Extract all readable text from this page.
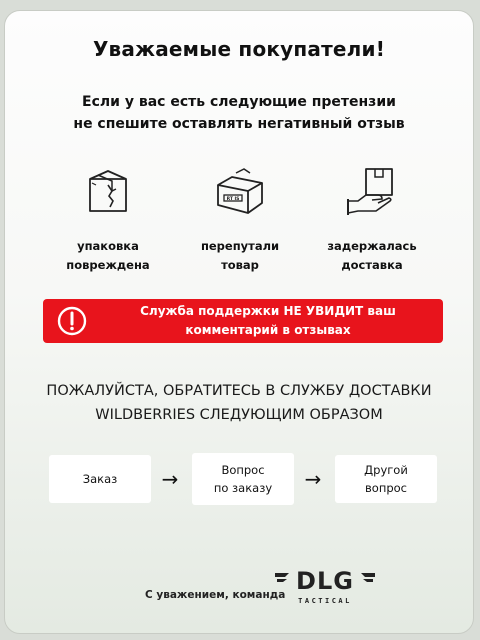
Уважаемые покупатели!
Если у вас есть следующие претензии
не спешите оставлять негативный отзыв
упаковка
повреждена
RT IS
перепутали
товар
задержалась
доставка
Служба поддержки НЕ УВИДИТ ваш
комментарий в отзывах
ПОЖАЛУЙСТА, ОБРАТИТЕСЬ В СЛУЖБУ ДОСТАВКИ
WILDBERRIES СЛЕДУЮЩИМ ОБРАЗОМ
Заказ	→	Вопрос
по заказу	→	Другой
вопрос
С уважением, команда DLG
TACTICAL
